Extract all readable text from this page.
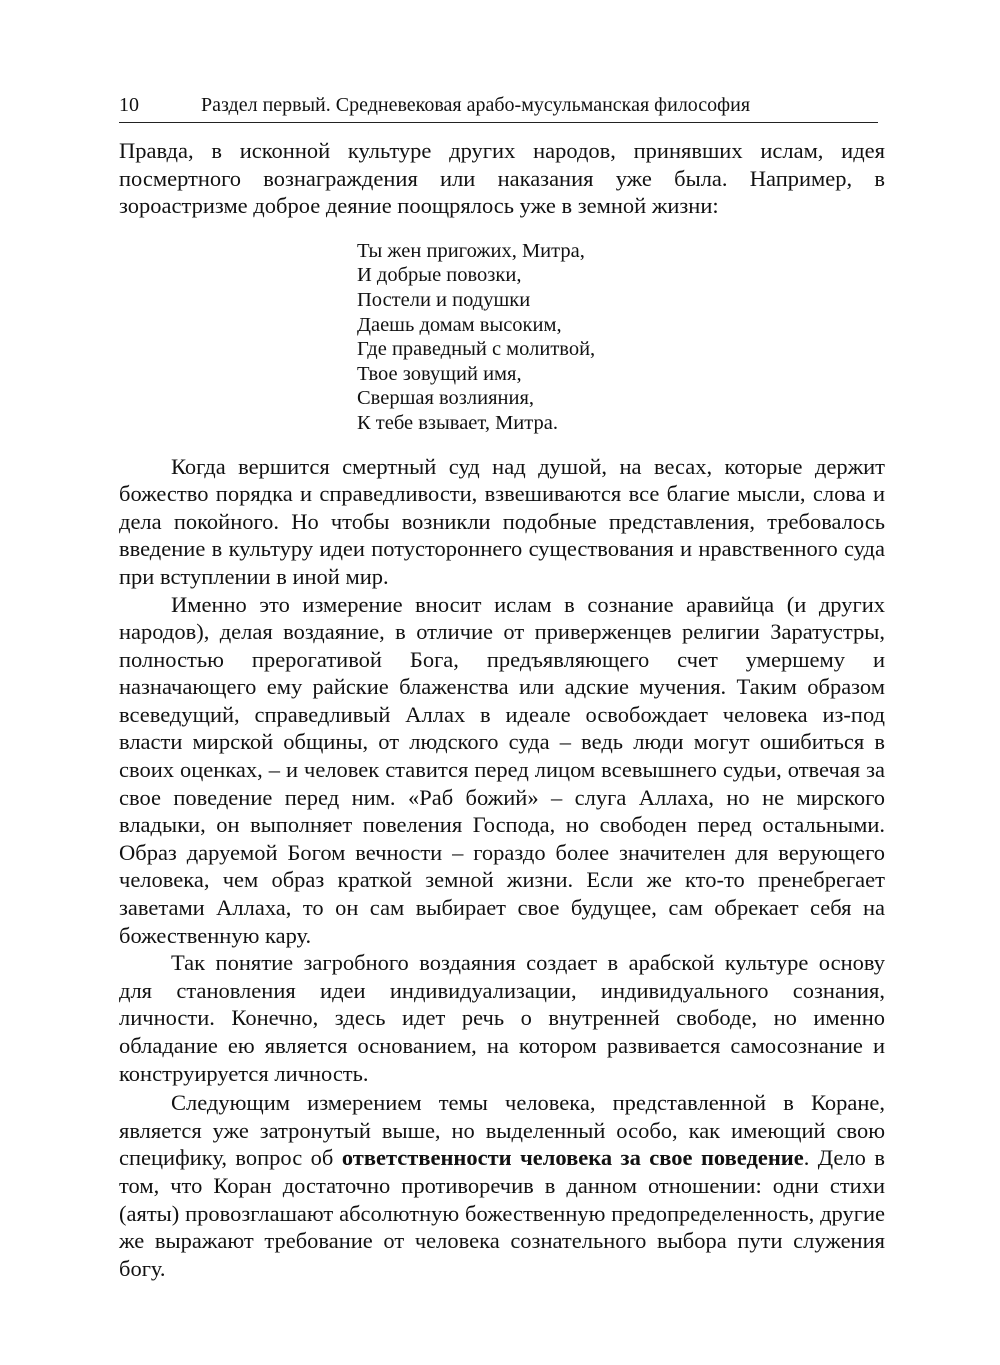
10	Раздел первый. Средневековая арабо-мусульманская философия

Правда, в исконной культуре других народов, принявших ислам, идея посмертного вознаграждения или наказания уже была. Например, в зороастризме доброе деяние поощрялось уже в земной жизни:

Ты жен пригожих, Митра,
И добрые повозки,
Постели и подушки
Даешь домам высоким,
Где праведный с молитвой,
Твое зовущий имя,
Свершая возлияния,
К тебе взывает, Митра.

Когда вершится смертный суд над душой, на весах, которые держит божество порядка и справедливости, взвешиваются все благие мысли, слова и дела покойного. Но чтобы возникли подобные представления, требовалось введение в культуру идеи потустороннего существования и нравственного суда при вступлении в иной мир.

Именно это измерение вносит ислам в сознание аравийца (и других народов), делая воздаяние, в отличие от приверженцев религии Заратустры, полностью прерогативой Бога, предъявляющего счет умершему и назначающего ему райские блаженства или адские мучения. Таким образом всеведущий, справедливый Аллах в идеале освобождает человека из-под власти мирской общины, от людского суда – ведь люди могут ошибиться в своих оценках, – и человек ставится перед лицом всевышнего судьи, отвечая за свое поведение перед ним. «Раб божий» – слуга Аллаха, но не мирского владыки, он выполняет повеления Господа, но свободен перед остальными. Образ даруемой Богом вечности – гораздо более значителен для верующего человека, чем образ краткой земной жизни. Если же кто-то пренебрегает заветами Аллаха, то он сам выбирает свое будущее, сам обрекает себя на божественную кару.

Так понятие загробного воздаяния создает в арабской культуре основу для становления идеи индивидуализации, индивидуального сознания, личности. Конечно, здесь идет речь о внутренней свободе, но именно обладание ею является основанием, на котором развивается самосознание и конструируется личность.

Следующим измерением темы человека, представленной в Коране, является уже затронутый выше, но выделенный особо, как имеющий свою специфику, вопрос об ответственности человека за свое поведение. Дело в том, что Коран достаточно противоречив в данном отношении: одни стихи (аяты) провозглашают абсолютную божественную предопределенность, другие же выражают требование от человека сознательного выбора пути служения богу.
